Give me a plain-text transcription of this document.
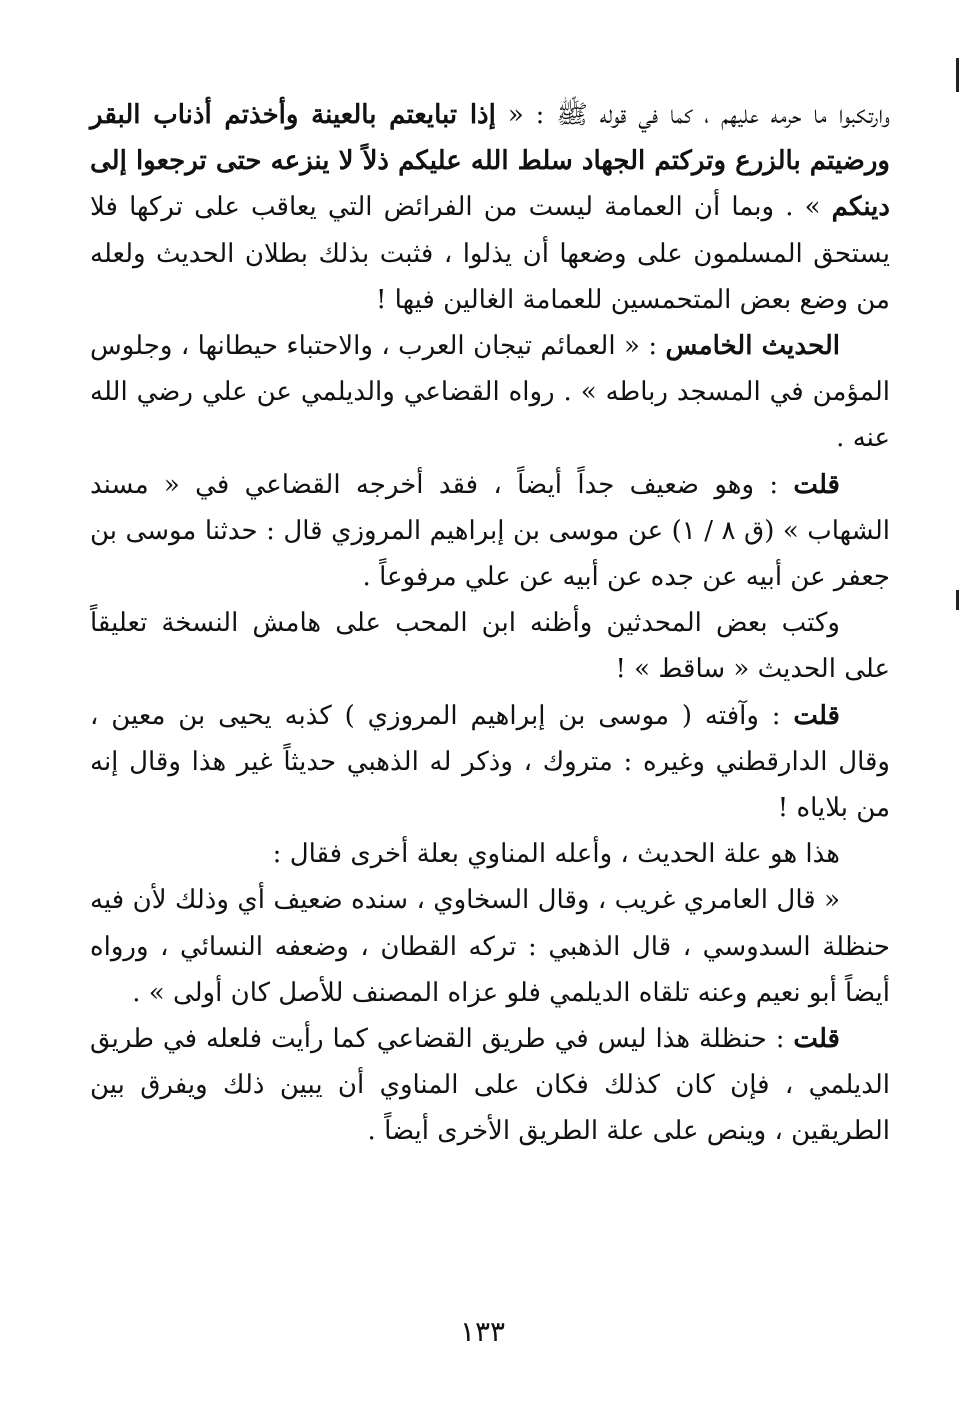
وارتكبوا ما حرمه عليهم ، كما في قوله ﷺ : « إذا تبايعتم بالعينة وأخذتم أذناب البقر ورضيتم بالزرع وتركتم الجهاد سلط الله عليكم ذلاً لا ينزعه حتى ترجعوا إلى دينكم » . وبما أن العمامة ليست من الفرائض التي يعاقب على تركها فلا يستحق المسلمون على وضعها أن يذلوا ، فثبت بذلك بطلان الحديث ولعله من وضع بعض المتحمسين للعمامة الغالين فيها !

الحديث الخامس : « العمائم تيجان العرب ، والاحتباء حيطانها ، وجلوس المؤمن في المسجد رباطه » . رواه القضاعي والديلمي عن علي رضي الله عنه .

قلت : وهو ضعيف جداً أيضاً ، فقد أخرجه القضاعي في « مسند الشهاب » (ق ٨ / ١) عن موسى بن إبراهيم المروزي قال : حدثنا موسى بن جعفر عن أبيه عن جده عن أبيه عن علي مرفوعاً .

وكتب بعض المحدثين وأظنه ابن المحب على هامش النسخة تعليقاً على الحديث « ساقط » !

قلت : وآفته ( موسى بن إبراهيم المروزي ) كذبه يحيى بن معين ، وقال الدارقطني وغيره : متروك ، وذكر له الذهبي حديثاً غير هذا وقال إنه من بلاياه !

هذا هو علة الحديث ، وأعله المناوي بعلة أخرى فقال :

« قال العامري غريب ، وقال السخاوي ، سنده ضعيف أي وذلك لأن فيه حنظلة السدوسي ، قال الذهبي : تركه القطان ، وضعفه النسائي ، ورواه أيضاً أبو نعيم وعنه تلقاه الديلمي فلو عزاه المصنف للأصل كان أولى » .

قلت : حنظلة هذا ليس في طريق القضاعي كما رأيت فلعله في طريق الديلمي ، فإن كان كذلك فكان على المناوي أن يبين ذلك ويفرق بين الطريقين ، وينص على علة الطريق الأخرى أيضاً .

١٣٣
